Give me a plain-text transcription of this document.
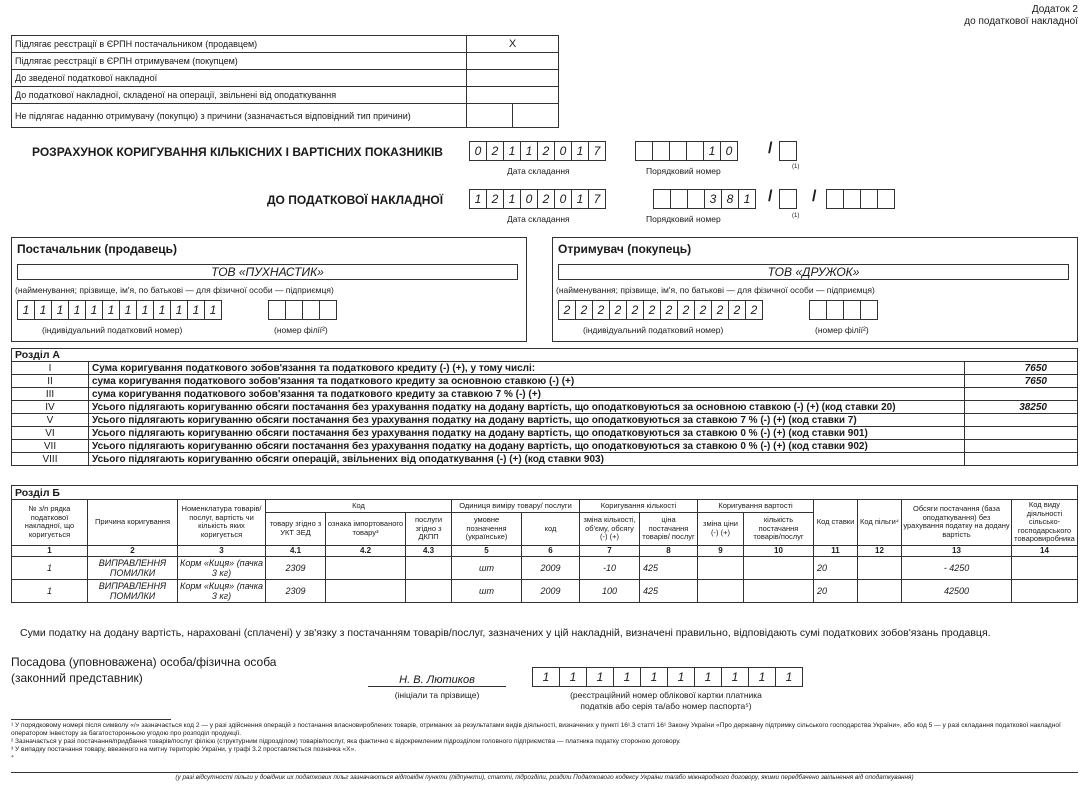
Додаток 2
до податкової накладної
Підлягає реєстрації в ЄРПН постачальником (продавцем)	X	
Підлягає реєстрації в ЄРПН отримувачем (покупцем)		
До зведеної податкової накладної		
До податкової накладної, складеної на операції, звільнені від оподаткування		
Не підлягає наданню отримувачу (покупцю) з причини (зазначається відповідний тип причини)		
РОЗРАХУНОК КОРИГУВАННЯ КІЛЬКІСНИХ І ВАРТІСНИХ ПОКАЗНИКІВ	0 2 1 1 2 0 1 7	1 0 /
Дата складання	Порядковий номер	(1)
ДО ПОДАТКОВОЇ НАКЛАДНОЇ	1 2 1 0 2 0 1 7	3 8 1 / /
Дата складання	Порядковий номер	(1)
Постачальник (продавець)
ТОВ «ПУХНАСТИК»
(найменування; прізвище, ім'я, по батькові — для фізичної особи — підприємця)
1 1 1 1 1 1 1 1 1 1 1 1
(індивідуальний податковий номер)	(номер філії²)
Отримувач (покупець)
ТОВ «ДРУЖОК»
(найменування; прізвище, ім'я, по батькові — для фізичної особи — підприємця)
2 2 2 2 2 2 2 2 2 2 2 2
(індивідуальний податковий номер)	(номер філії²)
Розділ А		
I	Сума коригування податкового зобов'язання та податкового кредиту (-) (+), у тому числі:	7650
II	сума коригування податкового зобов'язання та податкового кредиту за основною ставкою (-) (+)	7650
III	сума коригування податкового зобов'язання та податкового кредиту за ставкою 7 % (-) (+)	
IV	Усього підлягають коригуванню обсяги постачання без урахування податку на додану вартість, що оподатковуються за основною ставкою (-) (+) (код ставки 20)	38250
V	Усього підлягають коригуванню обсяги постачання без урахування податку на додану вартість, що оподатковуються за ставкою 7 % (-) (+) (код ставки 7)	
VI	Усього підлягають коригуванню обсяги постачання без урахування податку на додану вартість, що оподатковуються за ставкою 0 % (-) (+) (код ставки 901)	
VII	Усього підлягають коригуванню обсяги постачання без урахування податку на додану вартість, що оподатковуються за ставкою 0 % (-) (+) (код ставки 902)	
VIII	Усього підлягають коригуванню обсяги операцій, звільнених від оподаткування (-) (+) (код ставки 903)	
Розділ Б															
№ з/п рядка податкової накладної, що коригується	Причина коригування	Номенклатура товарів/послуг, вартість чи кількість яких коригується	Код			Одиниця виміру товару/ послуги		Коригування кількості		Коригування вартості		Код ставки	Код пільги⁴	Обсяги постачання (база оподаткування) без урахування податку на додану вартість	Код виду діяльності сільсько-господарського товаровиробника
			товару згідно з УКТ ЗЕД	ознака імпортованого товару³	послуги згідно з ДКПП	умовне позначення (українське)	код	зміна кількості, об'єму, обсягу (-) (+)	ціна постачання товарів/ послуг	зміна ціни (-) (+)	кількість постачання товарів/послуг				
1	2	3	4.1	4.2	4.3	5	6	7	8	9	10	11	12	13	14
1	ВИПРАВЛЕННЯ ПОМИЛКИ	Корм «Киця» (пачка 3 кг)	2309			шт	2009	-10	425			20		- 4250	
1	ВИПРАВЛЕННЯ ПОМИЛКИ	Корм «Киця» (пачка 3 кг)	2309			шт	2009	100	425			20		42500	
Суми податку на додану вартість, нараховані (сплачені) у зв'язку з постачанням товарів/послуг, зазначених у цій накладній, визначені правильно, відповідають сумі податкових зобов'язань продавця.
Посадова (уповноважена) особа/фізична особа
(законний представник)	Н. В. Лютиков
(ініціали та прізвище)
1 1 1 1 1 1 1 1 1 1
(реєстраційний номер облікової картки платника
податків або серія та/або номер паспорта⁵)
¹ У порядковому номері після символу «/» зазначається код 2 — у разі здійснення операцій з постачання власновироблених товарів, отриманих за результатами видів діяльності, визначених у пункті 16¹.3 статті 16¹ Закону України «Про державну підтримку сільського господарства України», або код 5 — у разі складання податкової накладної оператором інвестору за багатосторонньою угодою про розподіл продукції.
² Зазначається у разі постачання/придбання товарів/послуг філією (структурним підрозділом) товарів/послуг, яка фактично є відокремленим підрозділом головного підприємства — платника податку стороною договору.
³ У випадку постачання товару, ввезеного на митну територію України, у графі 3.2 проставляється позначка «Х».
⁴
(у разі відсутності пільги у довідник их податкових пільг зазначаються відповідні пункти (підпункти), статті, підрозділи, розділи Податкового кодексу України та/або міжнародного договору, якими передбачено звільнення від оподаткування)
